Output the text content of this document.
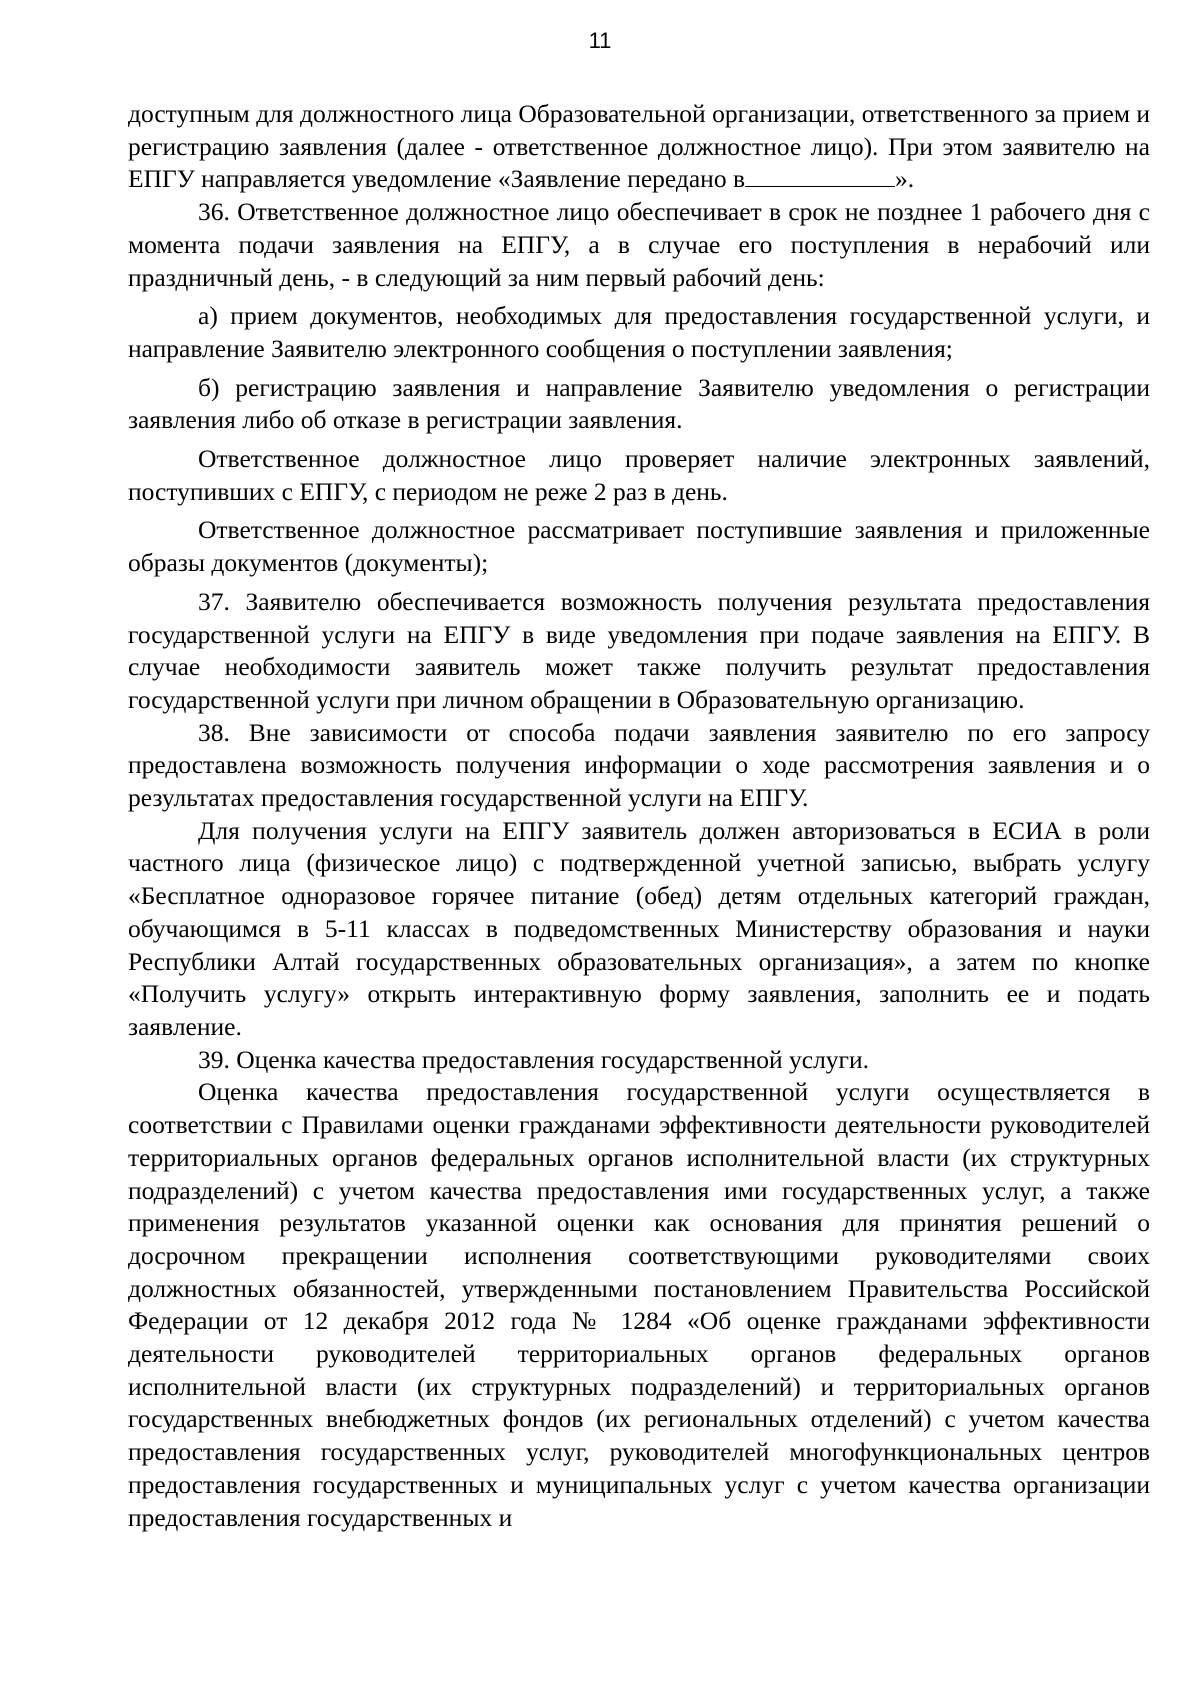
11

доступным для должностного лица Образовательной организации, ответственного за прием и регистрацию заявления (далее - ответственное должностное лицо). При этом заявителю на ЕПГУ направляется уведомление «Заявление передано в	».

36. Ответственное должностное лицо обеспечивает в срок не позднее 1 рабочего дня с момента подачи заявления на ЕПГУ, а в случае его поступления в нерабочий или праздничный день, - в следующий за ним первый рабочий день:

а) прием документов, необходимых для предоставления государственной услуги, и направление Заявителю электронного сообщения о поступлении заявления;

б) регистрацию заявления и направление Заявителю уведомления о регистрации заявления либо об отказе в регистрации заявления.

Ответственное должностное лицо проверяет наличие электронных заявлений, поступивших с ЕПГУ, с периодом не реже 2 раз в день.

Ответственное должностное рассматривает поступившие заявления и приложенные образы документов (документы);

37. Заявителю обеспечивается возможность получения результата предоставления государственной услуги на ЕПГУ в виде уведомления при подаче заявления на ЕПГУ. В случае необходимости заявитель может также получить результат предоставления государственной услуги при личном обращении в Образовательную организацию.

38. Вне зависимости от способа подачи заявления заявителю по его запросу предоставлена возможность получения информации о ходе рассмотрения заявления и о результатах предоставления государственной услуги на ЕПГУ.

Для получения услуги на ЕПГУ заявитель должен авторизоваться в ЕСИА в роли частного лица (физическое лицо) с подтвержденной учетной записью, выбрать услугу «Бесплатное одноразовое горячее питание (обед) детям отдельных категорий граждан, обучающимся в 5-11 классах в подведомственных Министерству образования и науки Республики Алтай государственных образовательных организация», а затем по кнопке «Получить услугу» открыть интерактивную форму заявления, заполнить ее и подать заявление.

39. Оценка качества предоставления государственной услуги.

Оценка качества предоставления государственной услуги осуществляется в соответствии с Правилами оценки гражданами эффективности деятельности руководителей территориальных органов федеральных органов исполнительной власти (их структурных подразделений) с учетом качества предоставления ими государственных услуг, а также применения результатов указанной оценки как основания для принятия решений о досрочном прекращении исполнения соответствующими руководителями своих должностных обязанностей, утвержденными постановлением Правительства Российской Федерации от 12 декабря 2012 года № 1284 «Об оценке гражданами эффективности деятельности руководителей территориальных органов федеральных органов исполнительной власти (их структурных подразделений) и территориальных органов государственных внебюджетных фондов (их региональных отделений) с учетом качества предоставления государственных услуг, руководителей многофункциональных центров предоставления государственных и муниципальных услуг с учетом качества организации предоставления государственных и
